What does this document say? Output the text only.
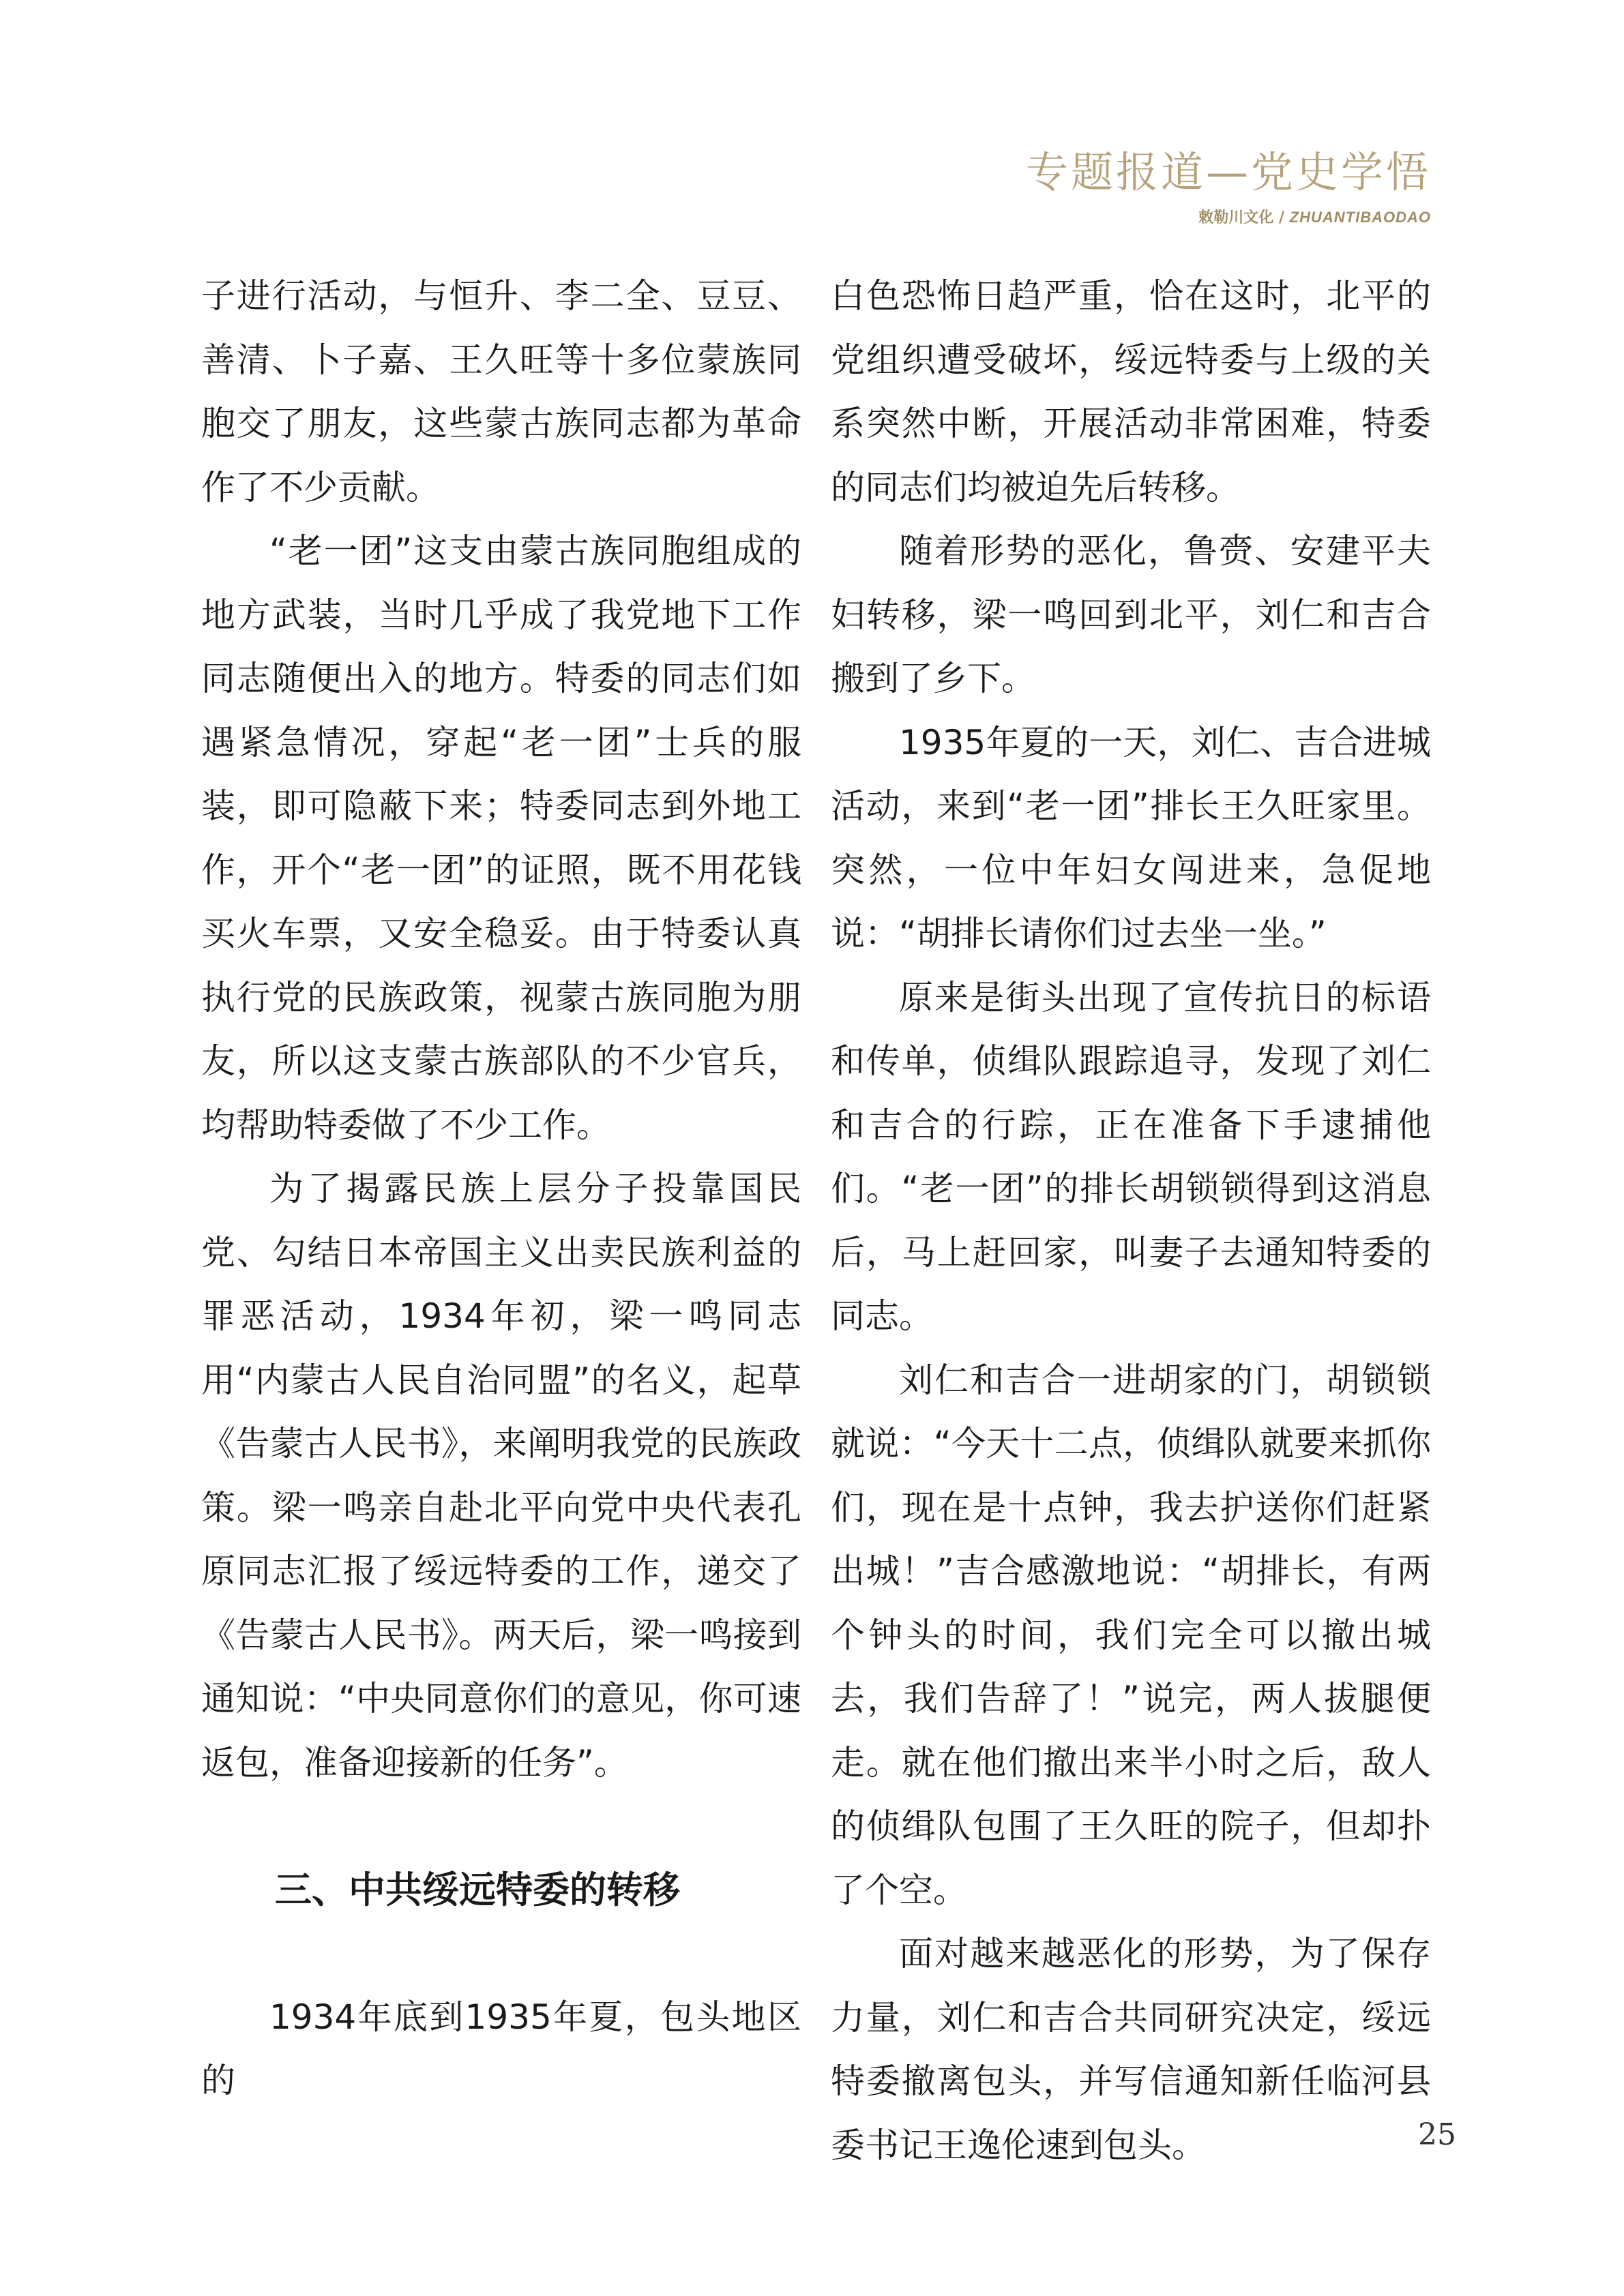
专题报道—党史学悟
敕勒川文化 / ZHUANTIBAODAO

子进行活动，与恒升、李二全、豆豆、善清、卜子嘉、王久旺等十多位蒙族同胞交了朋友，这些蒙古族同志都为革命作了不少贡献。

“老一团”这支由蒙古族同胞组成的地方武装，当时几乎成了我党地下工作同志随便出入的地方。特委的同志们如遇紧急情况，穿起“老一团”士兵的服装，即可隐蔽下来；特委同志到外地工作，开个“老一团”的证照，既不用花钱买火车票，又安全稳妥。由于特委认真执行党的民族政策，视蒙古族同胞为朋友，所以这支蒙古族部队的不少官兵，均帮助特委做了不少工作。

为了揭露民族上层分子投靠国民党、勾结日本帝国主义出卖民族利益的罪恶活动，1934年初，梁一鸣同志用“内蒙古人民自治同盟”的名义，起草《告蒙古人民书》，来阐明我党的民族政策。梁一鸣亲自赴北平向党中央代表孔原同志汇报了绥远特委的工作，递交了《告蒙古人民书》。两天后，梁一鸣接到通知说：“中央同意你们的意见，你可速返包，准备迎接新的任务”。

三、中共绥远特委的转移

1934年底到1935年夏，包头地区的

白色恐怖日趋严重，恰在这时，北平的党组织遭受破坏，绥远特委与上级的关系突然中断，开展活动非常困难，特委的同志们均被迫先后转移。

随着形势的恶化，鲁赍、安建平夫妇转移，梁一鸣回到北平，刘仁和吉合搬到了乡下。

1935年夏的一天，刘仁、吉合进城活动，来到“老一团”排长王久旺家里。突然，一位中年妇女闯进来，急促地说：“胡排长请你们过去坐一坐。”

原来是街头出现了宣传抗日的标语和传单，侦缉队跟踪追寻，发现了刘仁和吉合的行踪，正在准备下手逮捕他们。“老一团”的排长胡锁锁得到这消息后，马上赶回家，叫妻子去通知特委的同志。

刘仁和吉合一进胡家的门，胡锁锁就说：“今天十二点，侦缉队就要来抓你们，现在是十点钟，我去护送你们赶紧出城！”吉合感激地说：“胡排长，有两个钟头的时间，我们完全可以撤出城去，我们告辞了！”说完，两人拔腿便走。就在他们撤出来半小时之后，敌人的侦缉队包围了王久旺的院子，但却扑了个空。

面对越来越恶化的形势，为了保存力量，刘仁和吉合共同研究决定，绥远特委撤离包头，并写信通知新任临河县委书记王逸伦速到包头。	25
